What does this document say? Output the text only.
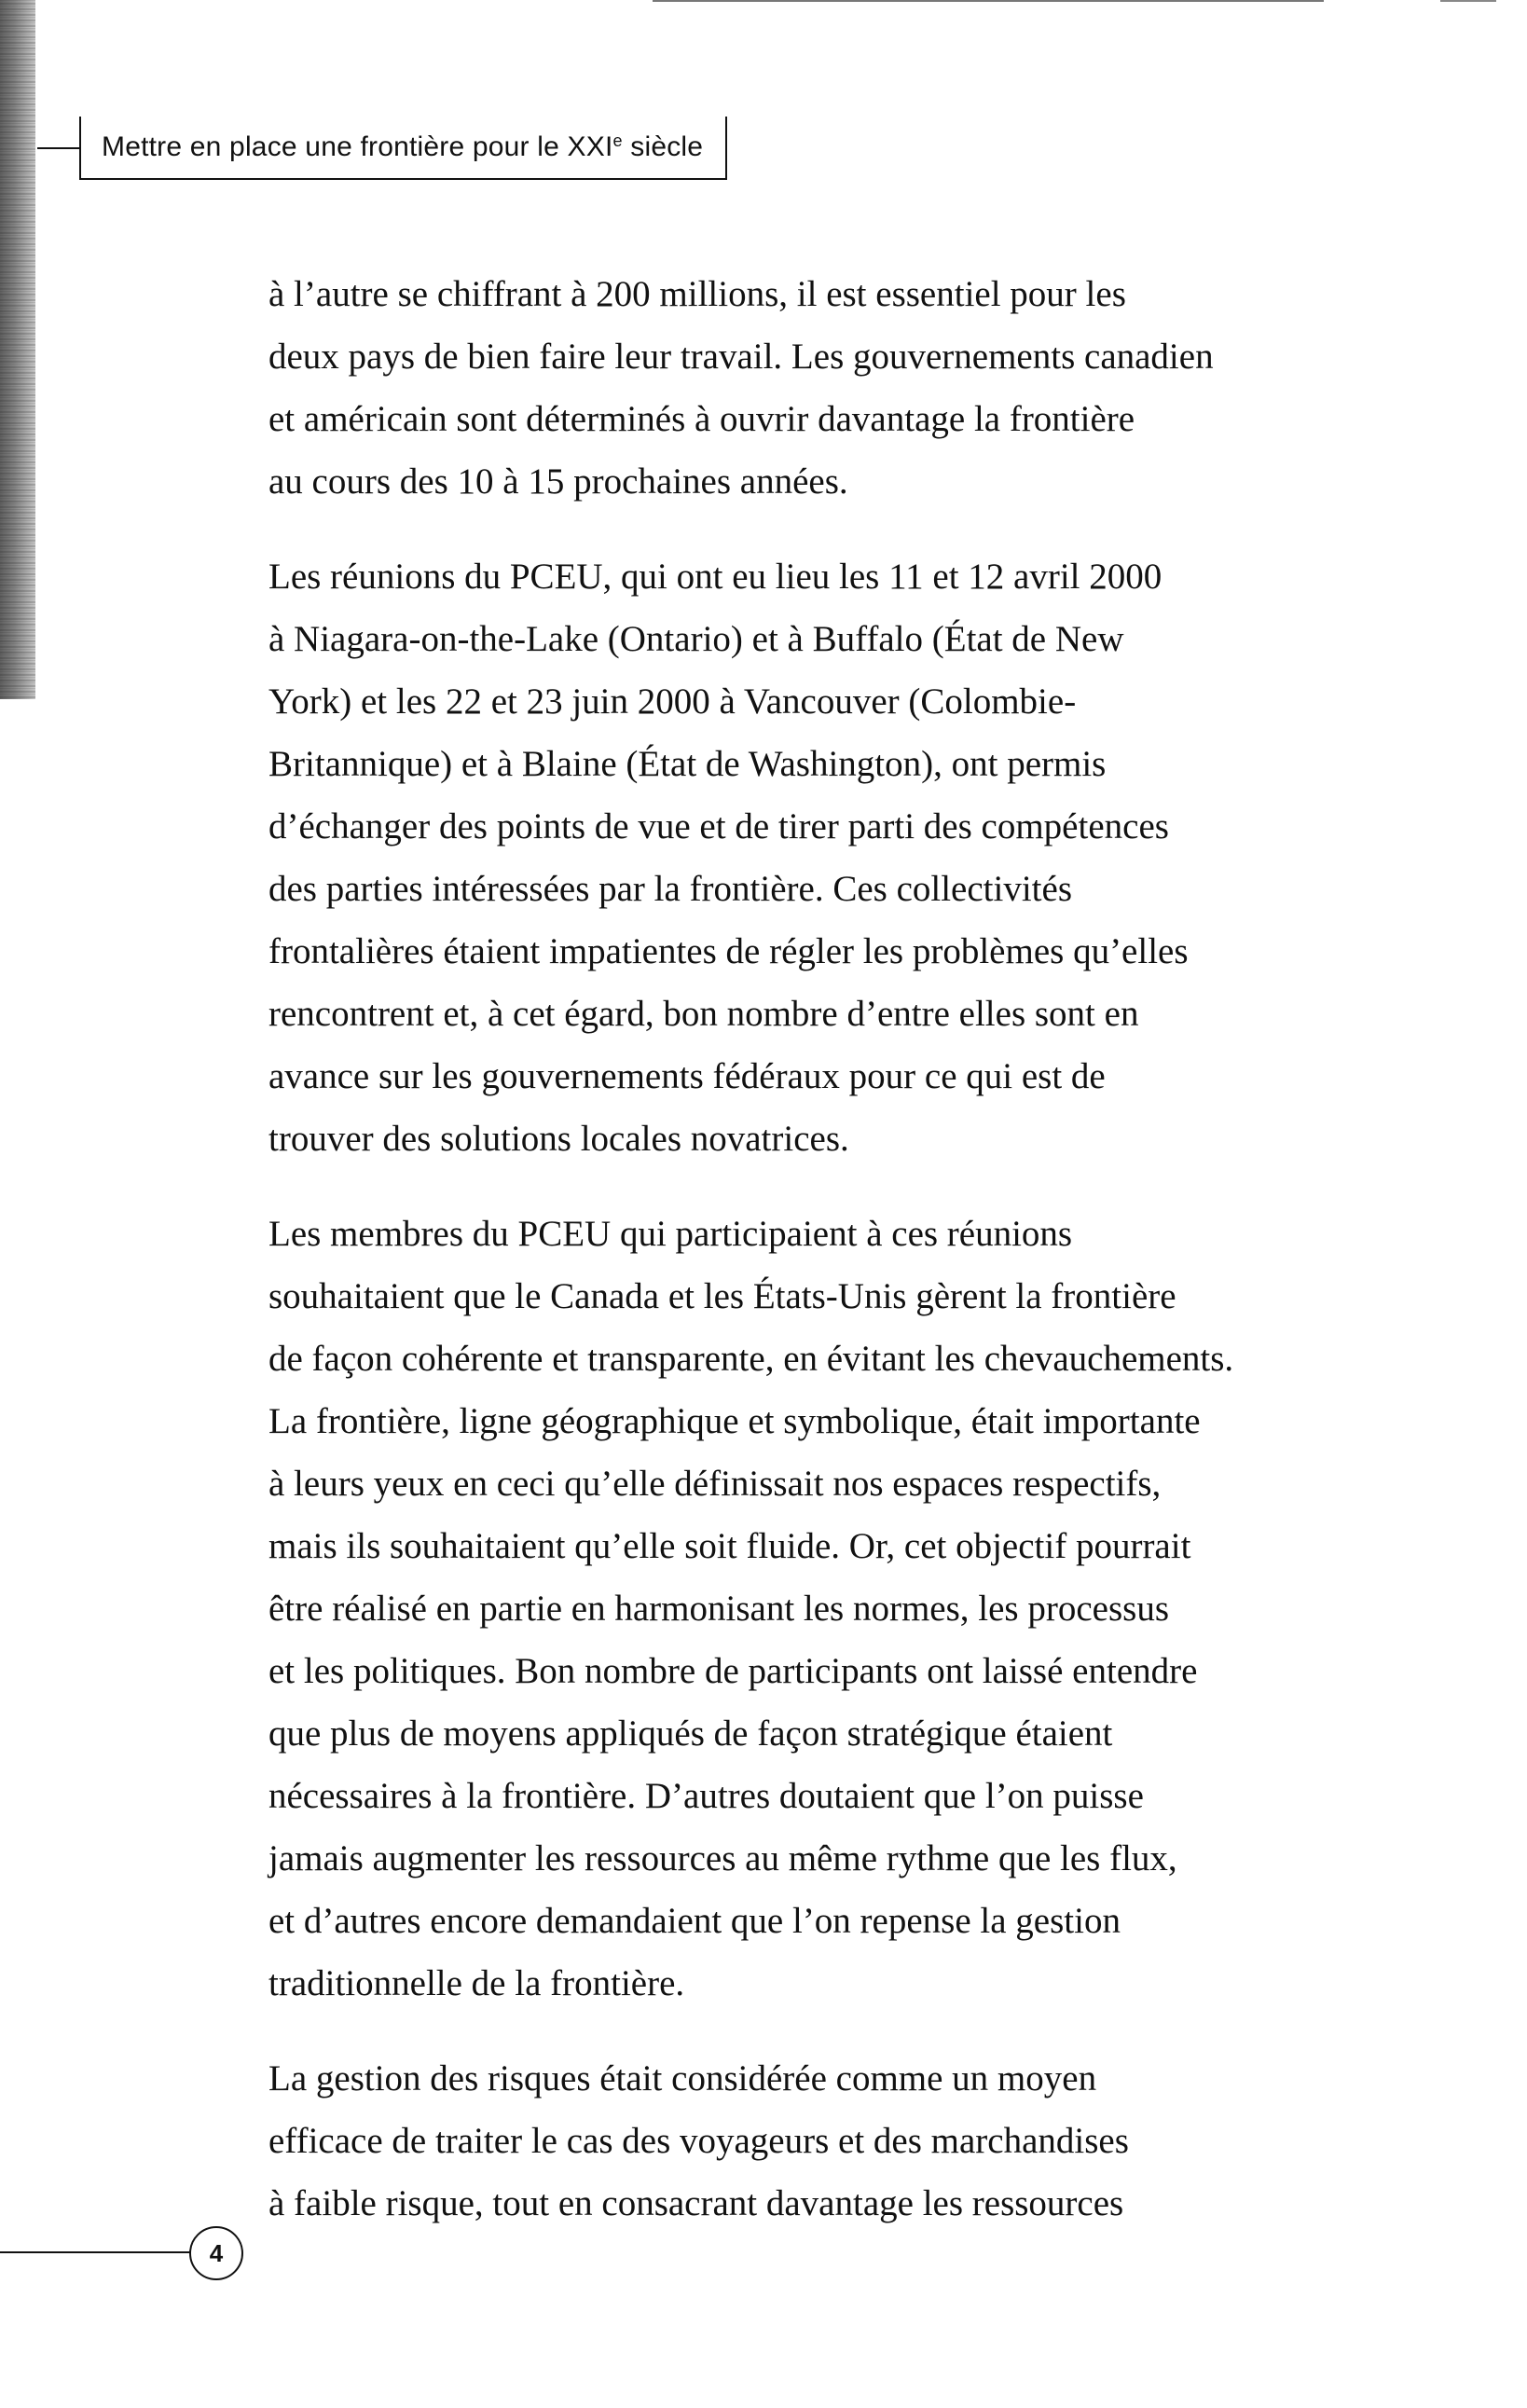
Mettre en place une frontière pour le XXIe siècle
à l’autre se chiffrant à 200 millions, il est essentiel pour les
deux pays de bien faire leur travail. Les gouvernements canadien
et américain sont déterminés à ouvrir davantage la frontière
au cours des 10 à 15 prochaines années.
Les réunions du PCEU, qui ont eu lieu les 11 et 12 avril 2000
à Niagara-on-the-Lake (Ontario) et à Buffalo (État de New
York) et les 22 et 23 juin 2000 à Vancouver (Colombie-
Britannique) et à Blaine (État de Washington), ont permis
d’échanger des points de vue et de tirer parti des compétences
des parties intéressées par la frontière. Ces collectivités
frontalières étaient impatientes de régler les problèmes qu’elles
rencontrent et, à cet égard, bon nombre d’entre elles sont en
avance sur les gouvernements fédéraux pour ce qui est de
trouver des solutions locales novatrices.
Les membres du PCEU qui participaient à ces réunions
souhaitaient que le Canada et les États-Unis gèrent la frontière
de façon cohérente et transparente, en évitant les chevauchements.
La frontière, ligne géographique et symbolique, était importante
à leurs yeux en ceci qu’elle définissait nos espaces respectifs,
mais ils souhaitaient qu’elle soit fluide. Or, cet objectif pourrait
être réalisé en partie en harmonisant les normes, les processus
et les politiques. Bon nombre de participants ont laissé entendre
que plus de moyens appliqués de façon stratégique étaient
nécessaires à la frontière. D’autres doutaient que l’on puisse
jamais augmenter les ressources au même rythme que les flux,
et d’autres encore demandaient que l’on repense la gestion
traditionnelle de la frontière.
La gestion des risques était considérée comme un moyen
efficace de traiter le cas des voyageurs et des marchandises
à faible risque, tout en consacrant davantage les ressources
4
